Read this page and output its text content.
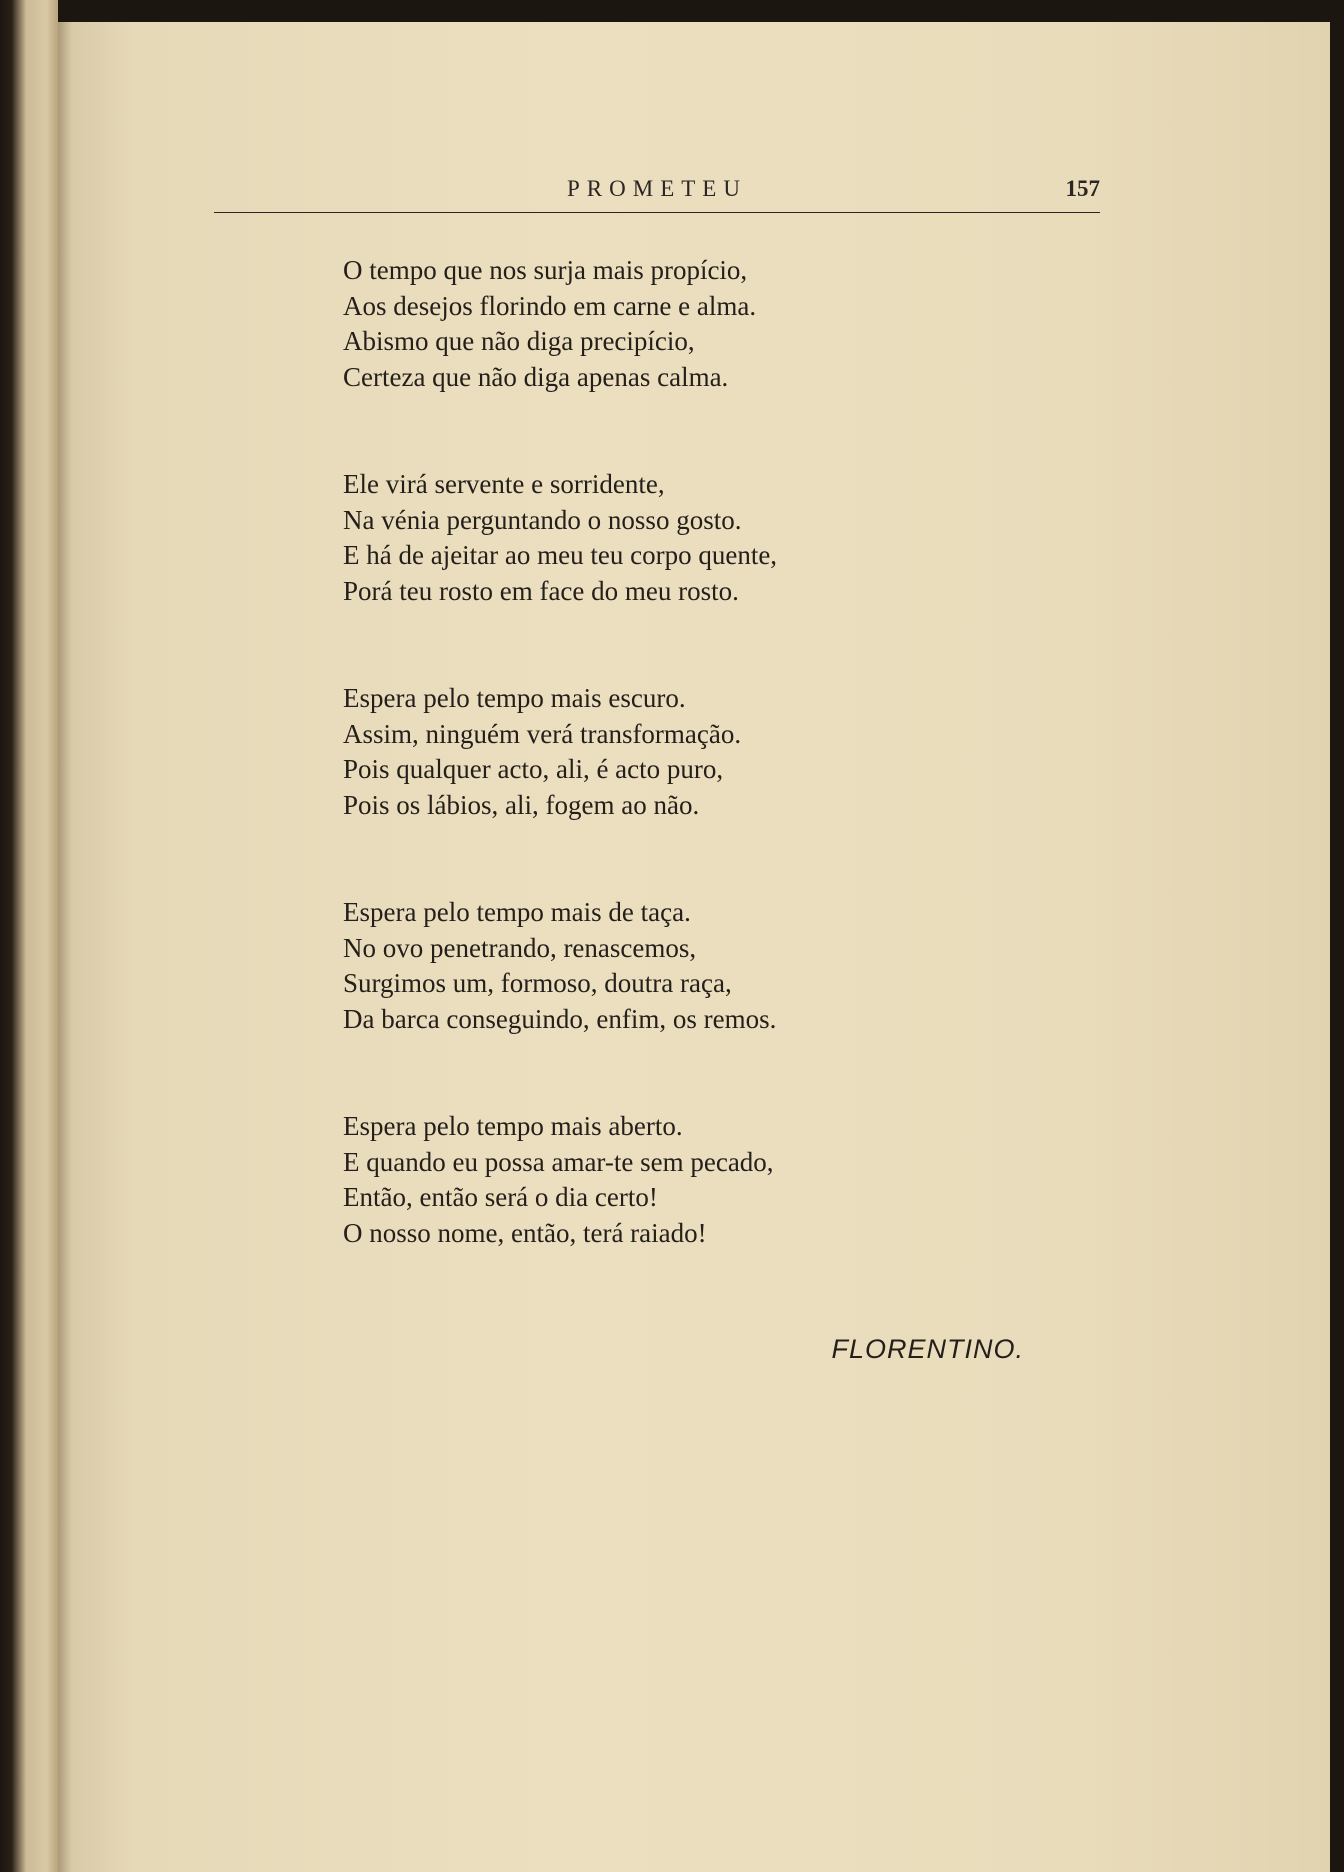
PROMETEU	157
O tempo que nos surja mais propício,
Aos desejos florindo em carne e alma.
Abismo que não diga precipício,
Certeza que não diga apenas calma.
Ele virá servente e sorridente,
Na vénia perguntando o nosso gosto.
E há de ajeitar ao meu teu corpo quente,
Porá teu rosto em face do meu rosto.
Espera pelo tempo mais escuro.
Assim, ninguém verá transformação.
Pois qualquer acto, ali, é acto puro,
Pois os lábios, ali, fogem ao não.
Espera pelo tempo mais de taça.
No ovo penetrando, renascemos,
Surgimos um, formoso, doutra raça,
Da barca conseguindo, enfim, os remos.
Espera pelo tempo mais aberto.
E quando eu possa amar-te sem pecado,
Então, então será o dia certo!
O nosso nome, então, terá raiado!
FLORENTINO.
